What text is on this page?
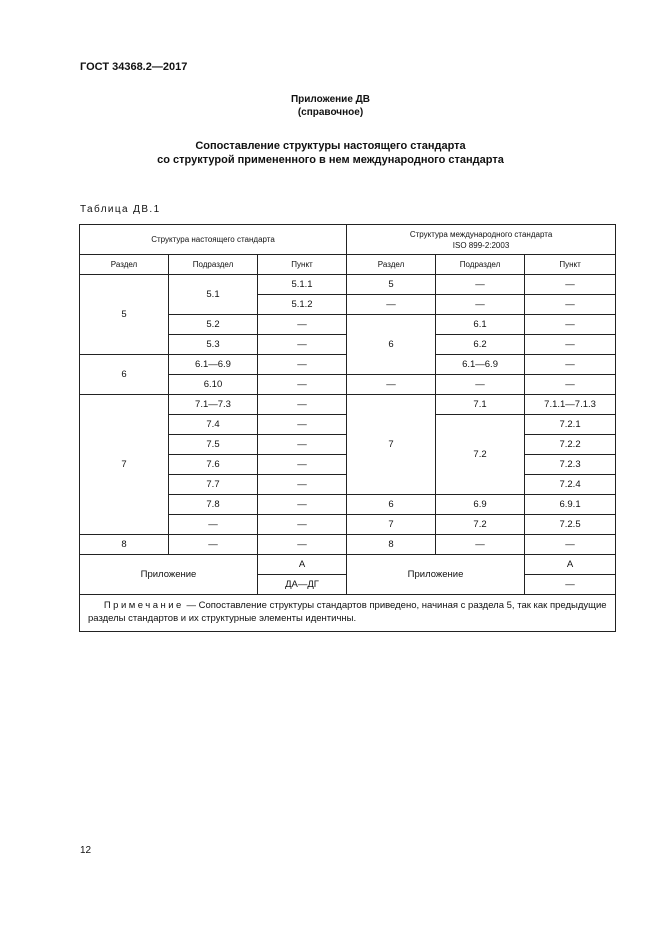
ГОСТ 34368.2—2017
Приложение ДВ
(справочное)
Сопоставление структуры настоящего стандарта
со структурой примененного в нем международного стандарта
Таблица ДВ.1
Структура настоящего стандарта			Структура международного стандарта
ISO 899-2:2003		
Раздел	Подраздел	Пункт	Раздел	Подраздел	Пункт
5	5.1	5.1.1	5	—	—
		5.1.2	—	—	—
	5.2	—	6	6.1	—
	5.3	—		6.2	—
6	6.1—6.9	—		6.1—6.9	—
	6.10	—	—	—	—
7	7.1—7.3	—	7	7.1	7.1.1—7.1.3
	7.4	—		7.2	7.2.1
	7.5	—			7.2.2
	7.6	—			7.2.3
	7.7	—			7.2.4
	7.8	—	6	6.9	6.9.1
	—	—	7	7.2	7.2.5
8	—	—	8	—	—
Приложение		А	Приложение		А
		ДА—ДГ			—
Примечание — Сопоставление структуры стандартов приведено, начиная с раздела 5, так как предыдущие разделы стандартов и их структурные элементы идентичны.					
12
